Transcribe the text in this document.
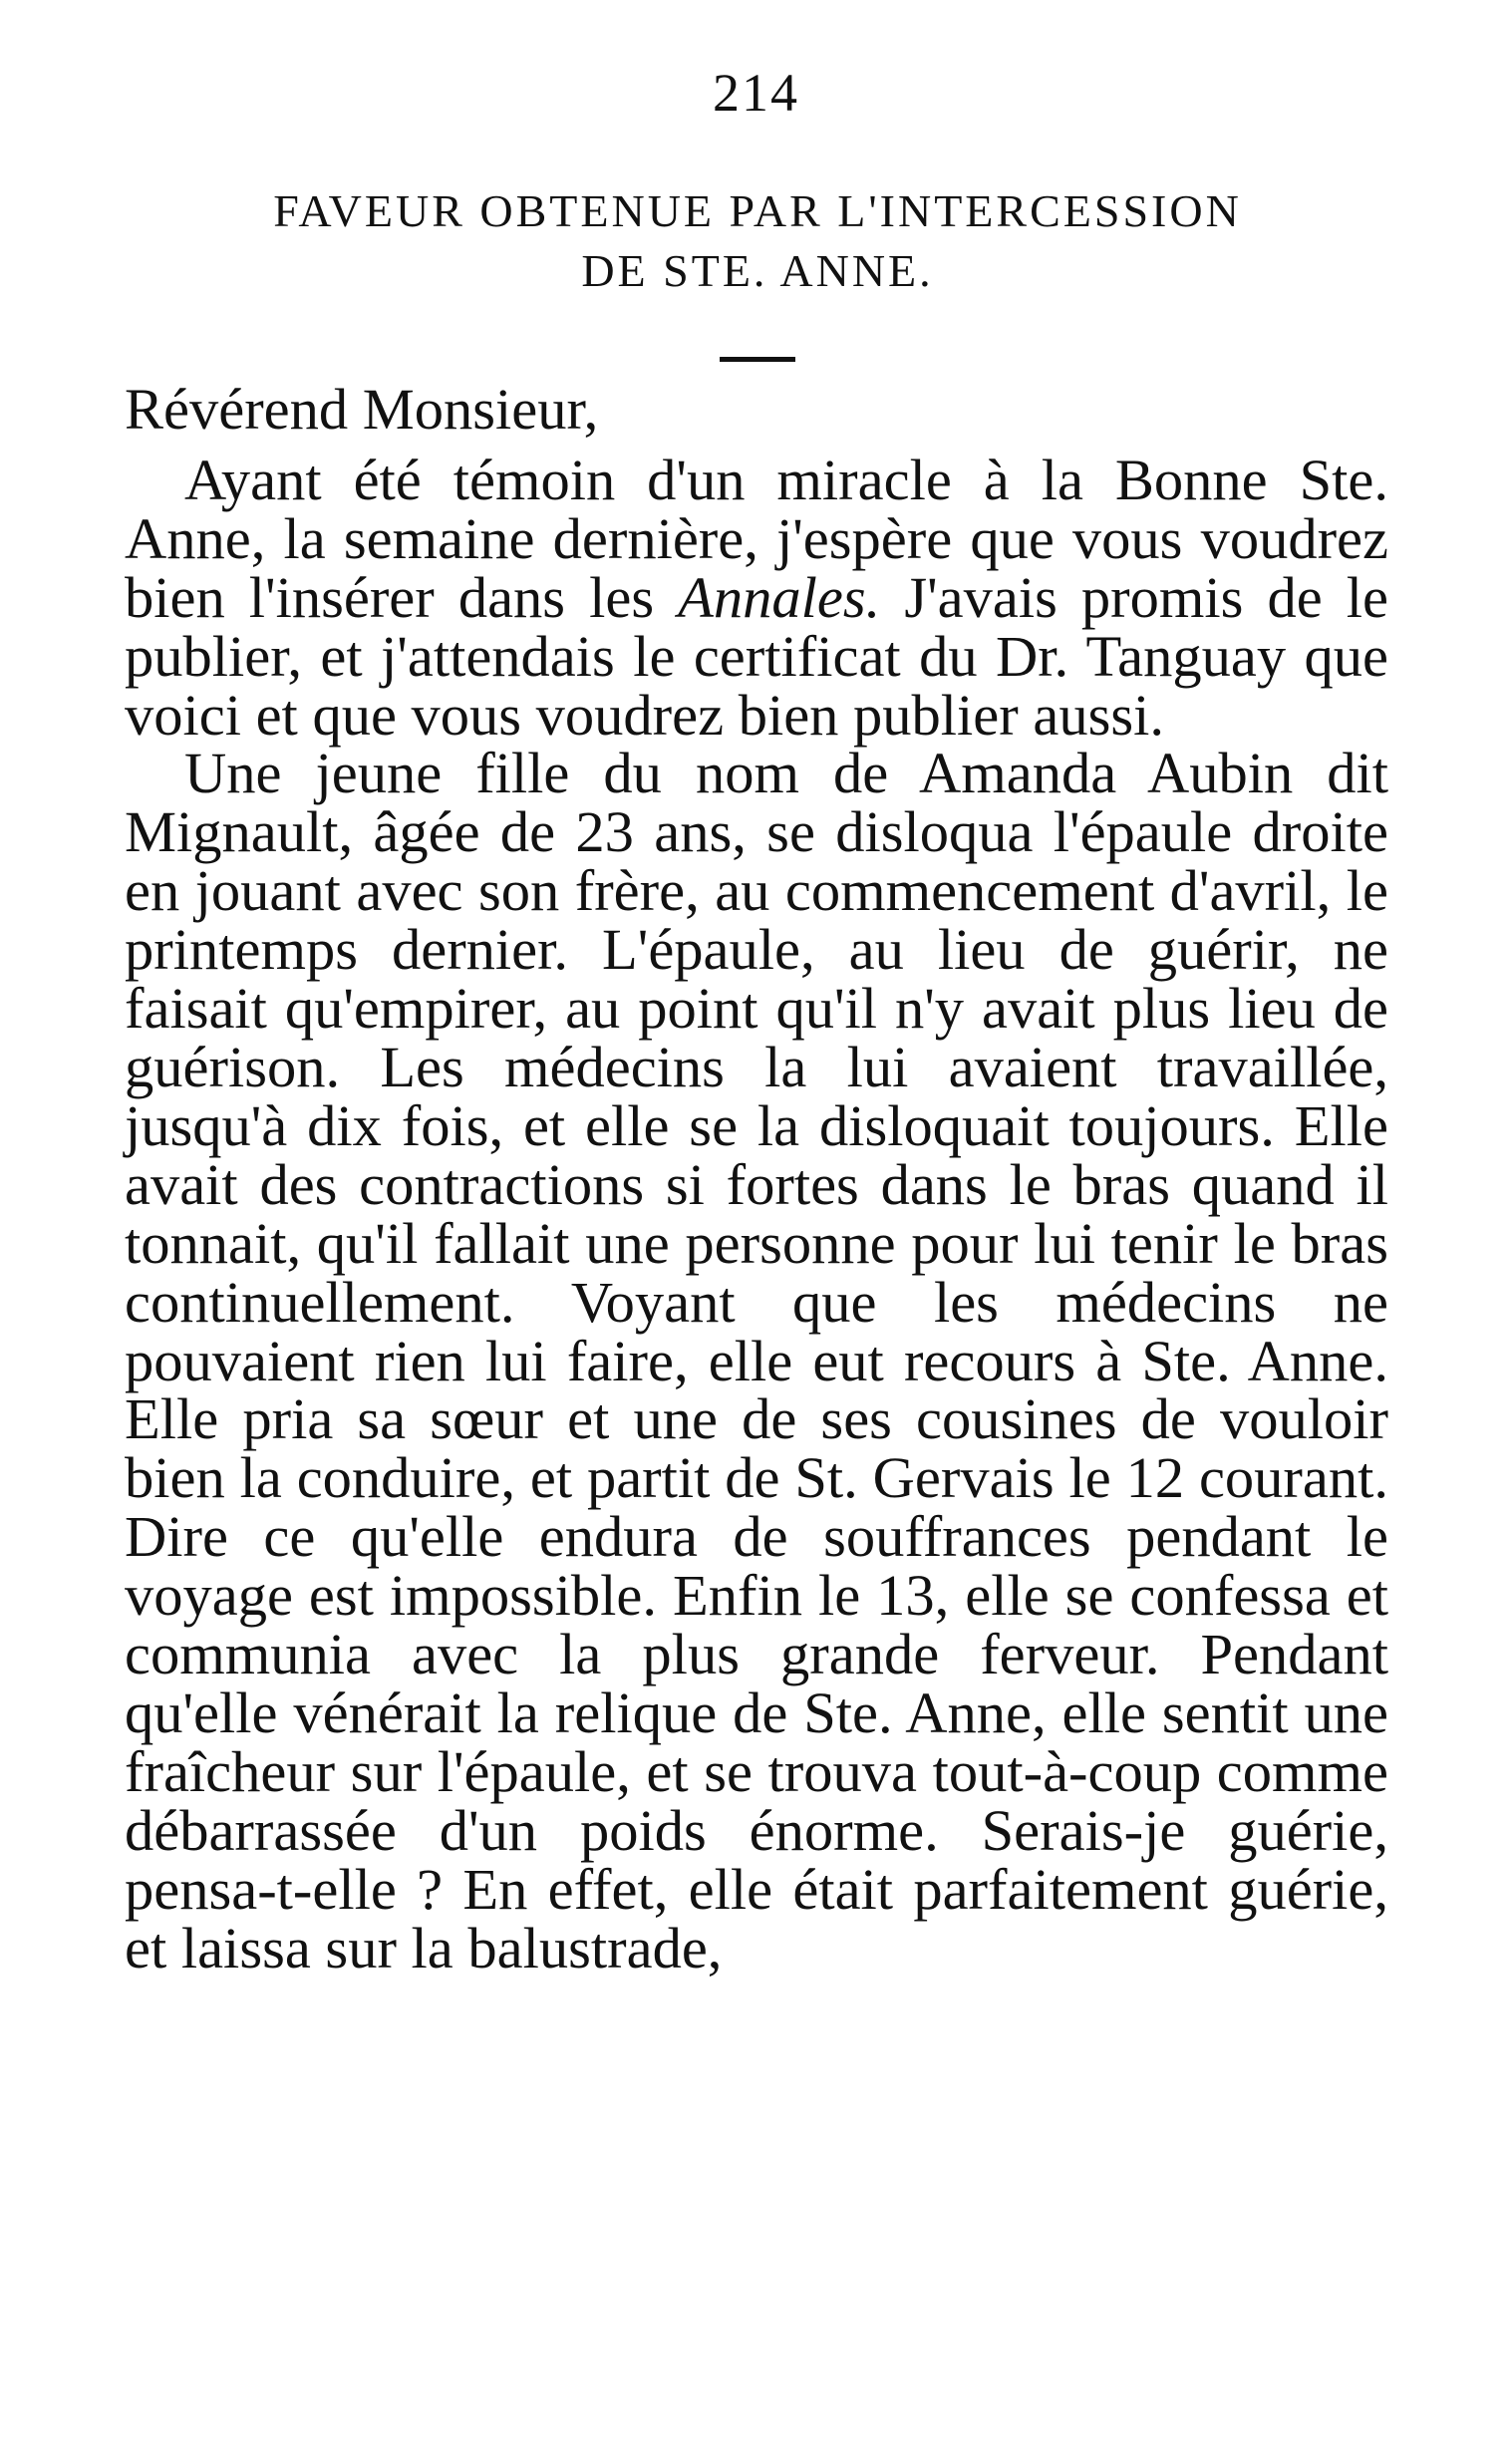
214
FAVEUR OBTENUE PAR L'INTERCESSION
DE STE. ANNE.

Révérend Monsieur,

Ayant été témoin d'un miracle à la Bonne Ste. Anne, la semaine dernière, j'espère que vous voudrez bien l'insérer dans les Annales. J'avais promis de le publier, et j'attendais le certificat du Dr. Tanguay que voici et que vous voudrez bien publier aussi.

Une jeune fille du nom de Amanda Aubin dit Mignault, âgée de 23 ans, se disloqua l'épaule droite en jouant avec son frère, au commencement d'avril, le printemps dernier. L'épaule, au lieu de guérir, ne faisait qu'empirer, au point qu'il n'y avait plus lieu de guérison. Les médecins la lui avaient travaillée, jusqu'à dix fois, et elle se la disloquait toujours. Elle avait des contractions si fortes dans le bras quand il tonnait, qu'il fallait une personne pour lui tenir le bras continuellement. Voyant que les médecins ne pouvaient rien lui faire, elle eut recours à Ste. Anne. Elle pria sa sœur et une de ses cousines de vouloir bien la conduire, et partit de St. Gervais le 12 courant. Dire ce qu'elle endura de souffrances pendant le voyage est impossible. Enfin le 13, elle se confessa et communia avec la plus grande ferveur. Pendant qu'elle vénérait la relique de Ste. Anne, elle sentit une fraîcheur sur l'épaule, et se trouva tout-à-coup comme débarrassée d'un poids énorme. Serais-je guérie, pensa-t-elle ? En effet, elle était parfaitement guérie, et laissa sur la balustrade,
